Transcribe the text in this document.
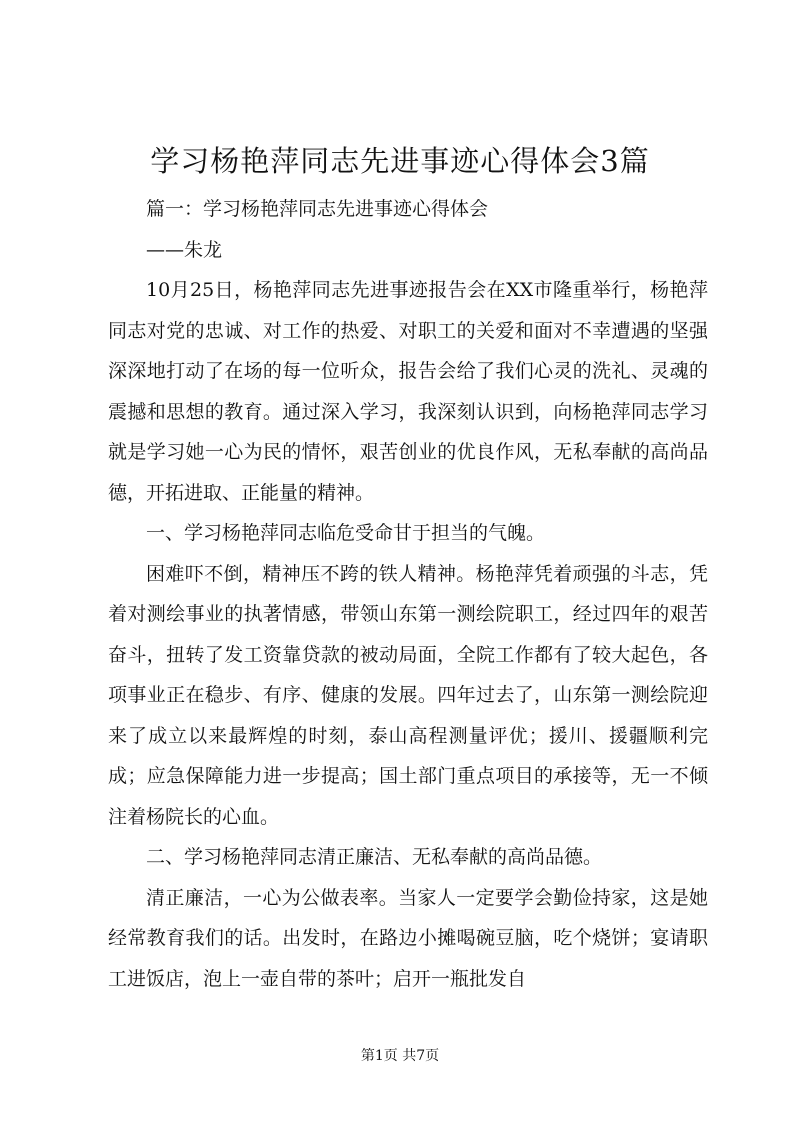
学习杨艳萍同志先进事迹心得体会3篇

篇一：学习杨艳萍同志先进事迹心得体会

——朱龙

10月25日，杨艳萍同志先进事迹报告会在XX市隆重举行，杨艳萍同志对党的忠诚、对工作的热爱、对职工的关爱和面对不幸遭遇的坚强深深地打动了在场的每一位听众，报告会给了我们心灵的洗礼、灵魂的震撼和思想的教育。通过深入学习，我深刻认识到，向杨艳萍同志学习就是学习她一心为民的情怀，艰苦创业的优良作风，无私奉献的高尚品德，开拓进取、正能量的精神。

一、学习杨艳萍同志临危受命甘于担当的气魄。

困难吓不倒，精神压不跨的铁人精神。杨艳萍凭着顽强的斗志，凭着对测绘事业的执著情感，带领山东第一测绘院职工，经过四年的艰苦奋斗，扭转了发工资靠贷款的被动局面，全院工作都有了较大起色，各项事业正在稳步、有序、健康的发展。四年过去了，山东第一测绘院迎来了成立以来最辉煌的时刻，泰山高程测量评优；援川、援疆顺利完成；应急保障能力进一步提高；国土部门重点项目的承接等，无一不倾注着杨院长的心血。

二、学习杨艳萍同志清正廉洁、无私奉献的高尚品德。

清正廉洁，一心为公做表率。当家人一定要学会勤俭持家，这是她经常教育我们的话。出发时，在路边小摊喝碗豆脑，吃个烧饼；宴请职工进饭店，泡上一壶自带的茶叶；启开一瓶批发自

第1页 共7页
